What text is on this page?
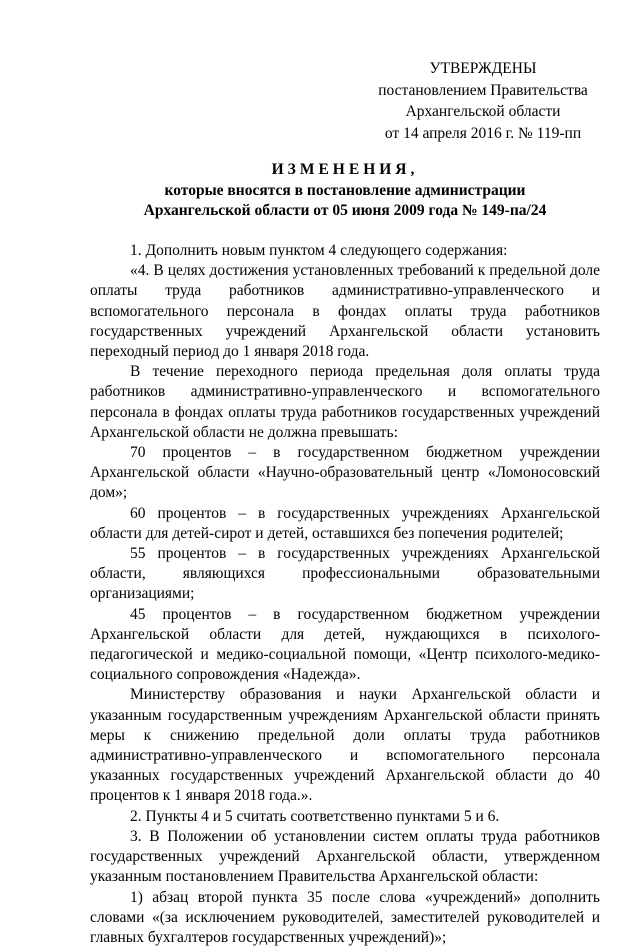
УТВЕРЖДЕНЫ
постановлением Правительства
Архангельской области
от 14 апреля 2016 г. № 119-пп
ИЗМЕНЕНИЯ,
которые вносятся в постановление администрации
Архангельской области от 05 июня 2009 года № 149-па/24

1. Дополнить новым пунктом 4 следующего содержания:

«4. В целях достижения установленных требований к предельной доле оплаты труда работников административно-управленческого и вспомогательного персонала в фондах оплаты труда работников государственных учреждений Архангельской области установить переходный период до 1 января 2018 года.

В течение переходного периода предельная доля оплаты труда работников административно-управленческого и вспомогательного персонала в фондах оплаты труда работников государственных учреждений Архангельской области не должна превышать:

70 процентов – в государственном бюджетном учреждении Архангельской области «Научно-образовательный центр «Ломоносовский дом»;

60 процентов – в государственных учреждениях Архангельской области для детей-сирот и детей, оставшихся без попечения родителей;

55 процентов – в государственных учреждениях Архангельской области, являющихся профессиональными образовательными организациями;

45 процентов – в государственном бюджетном учреждении Архангельской области для детей, нуждающихся в психолого-педагогической и медико-социальной помощи, «Центр психолого-медико-социального сопровождения «Надежда».

Министерству образования и науки Архангельской области и указанным государственным учреждениям Архангельской области принять меры к снижению предельной доли оплаты труда работников административно-управленческого и вспомогательного персонала указанных государственных учреждений Архангельской области до 40 процентов к 1 января 2018 года.».

2. Пункты 4 и 5 считать соответственно пунктами 5 и 6.

3. В Положении об установлении систем оплаты труда работников государственных учреждений Архангельской области, утвержденном указанным постановлением Правительства Архангельской области:

1) абзац второй пункта 35 после слова «учреждений» дополнить словами «(за исключением руководителей, заместителей руководителей и главных бухгалтеров государственных учреждений)»;
